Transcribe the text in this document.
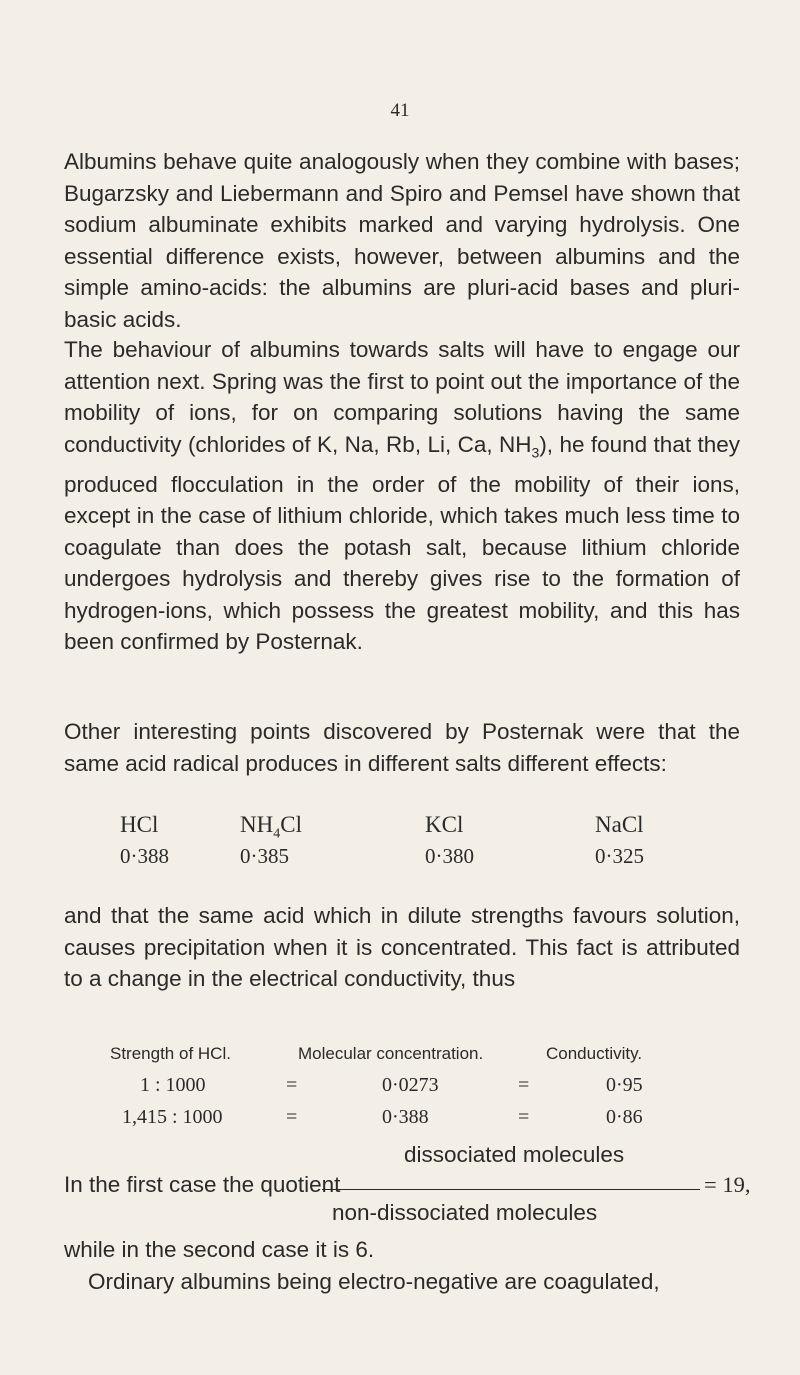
41

Albumins behave quite analogously when they combine with bases; Bugarzsky and Liebermann and Spiro and Pemsel have shown that sodium albuminate exhibits marked and varying hydrolysis. One essential difference exists, however, between albumins and the simple amino-acids: the albumins are pluri-acid bases and pluri-basic acids.

The behaviour of albumins towards salts will have to engage our attention next. Spring was the first to point out the importance of the mobility of ions, for on comparing solutions having the same conductivity (chlorides of K, Na, Rb, Li, Ca, $NH_3$), he found that they produced flocculation in the order of the mobility of their ions, except in the case of lithium chloride, which takes much less time to coagulate than does the potash salt, because lithium chloride undergoes hydrolysis and thereby gives rise to the formation of hydrogen-ions, which possess the greatest mobility, and this has been confirmed by Posternak.

Other interesting points discovered by Posternak were that the same acid radical produces in different salts different effects:

HCl	$NH_4Cl$	KCl	NaCl
0·388	0·385	0·380	0·325

and that the same acid which in dilute strengths favours solution, causes precipitation when it is concentrated. This fact is attributed to a change in the electrical conductivity, thus

Strength of HCl.	Molecular concentration.	Conductivity.
1 : 1000	=	0·0273	=	0·95
1,415 : 1000	=	0·388	=	0·86
dissociated molecules
In the first case the quotient	= 19,
non-dissociated molecules

while in the second case it is 6.

Ordinary albumins being electro-negative are coagulated,
